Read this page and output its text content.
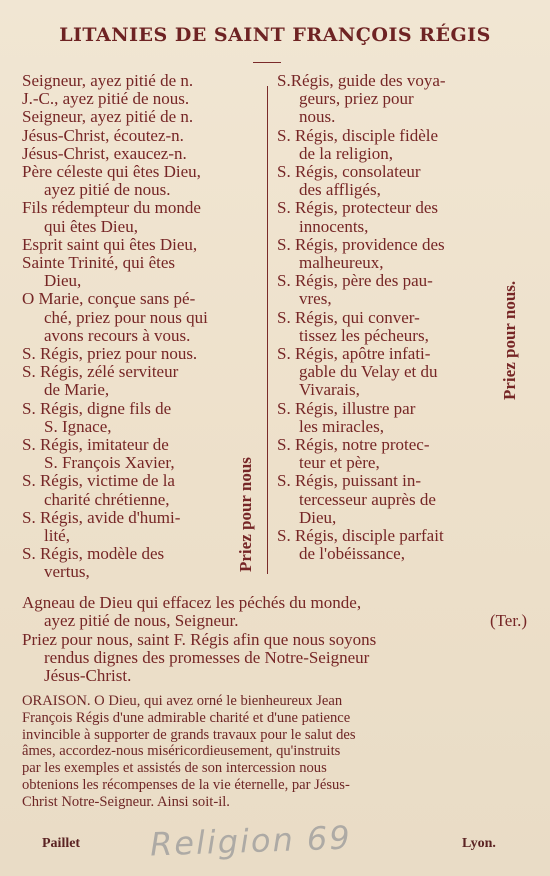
LITANIES DE SAINT FRANÇOIS RÉGIS
Seigneur, ayez pitié de n.
J.-C., ayez pitié de nous.
Seigneur, ayez pitié de n.
Jésus-Christ, écoutez-n.
Jésus-Christ, exaucez-n.
Père céleste qui êtes Dieu,
ayez pitié de nous.
Fils rédempteur du monde
qui êtes Dieu,
Esprit saint qui êtes Dieu,
Sainte Trinité, qui êtes
Dieu,
O Marie, conçue sans pé-
ché, priez pour nous qui
avons recours à vous.
S. Régis, priez pour nous.
S. Régis, zélé serviteur
de Marie,
S. Régis, digne fils de
S. Ignace,
S. Régis, imitateur de
S. François Xavier,
S. Régis, victime de la
charité chrétienne,
S. Régis, avide d'humi-
lité,
S. Régis, modèle des
vertus,
S.Régis, guide des voya-
geurs, priez pour
nous.
S. Régis, disciple fidèle
de la religion,
S. Régis, consolateur
des affligés,
S. Régis, protecteur des
innocents,
S. Régis, providence des
malheureux,
S. Régis, père des pau-
vres,
S. Régis, qui conver-
tissez les pécheurs,
S. Régis, apôtre infati-
gable du Velay et du
Vivarais,
S. Régis, illustre par
les miracles,
S. Régis, notre protec-
teur et père,
S. Régis, puissant in-
tercesseur auprès de
Dieu,
S. Régis, disciple parfait
de l'obéissance,
Priez pour nous
Priez pour nous.
Agneau de Dieu qui effacez les péchés du monde,
ayez pitié de nous, Seigneur.	(Ter.)
Priez pour nous, saint F. Régis afin que nous soyons
rendus dignes des promesses de Notre-Seigneur
Jésus-Christ.
ORAISON. O Dieu, qui avez orné le bienheureux Jean
François Régis d'une admirable charité et d'une patience
invincible à supporter de grands travaux pour le salut des
âmes, accordez-nous miséricordieusement, qu'instruits
par les exemples et assistés de son intercession nous
obtenions les récompenses de la vie éternelle, par Jésus-
Christ Notre-Seigneur. Ainsi soit-il.
Religion 69
Paillet	Lyon.
